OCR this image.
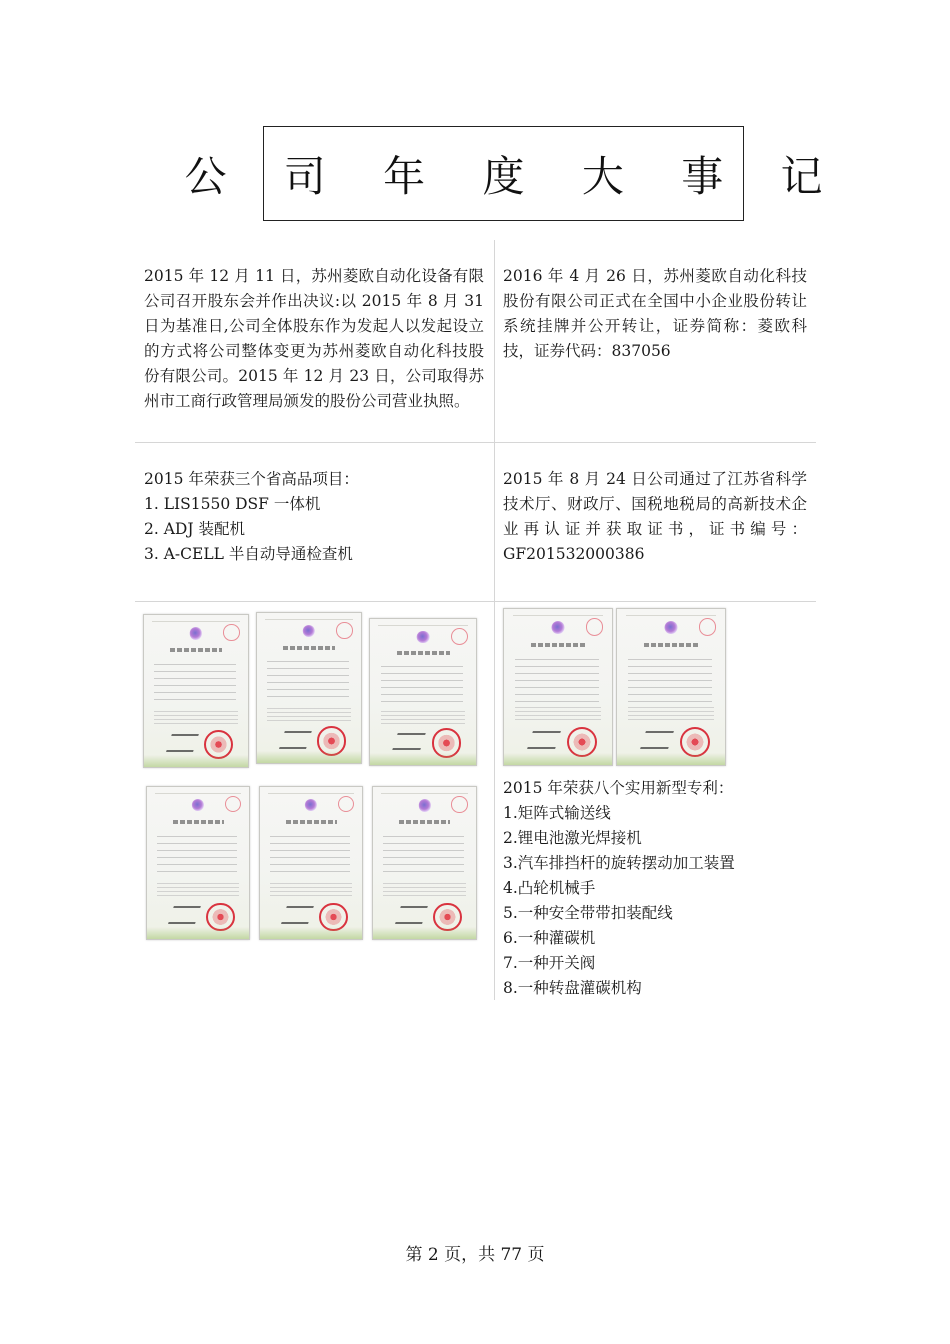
公 司 年 度 大 事 记

2015 年 12 月 11 日，苏州菱欧自动化设备有限公司召开股东会并作出决议:以 2015 年 8 月 31 日为基准日,公司全体股东作为发起人以发起设立的方式将公司整体变更为苏州菱欧自动化科技股份有限公司。2015 年 12 月 23 日，公司取得苏州市工商行政管理局颁发的股份公司营业执照。

2016 年 4 月 26 日，苏州菱欧自动化科技股份有限公司正式在全国中小企业股份转让系统挂牌并公开转让，证券简称：菱欧科技，证券代码：837056

2015 年荣获三个省高品项目：

1. LIS1550 DSF 一体机

2. ADJ 装配机

3. A-CELL 半自动导通检查机

2015 年 8 月 24 日公司通过了江苏省科学技术厅、财政厅、国税地税局的高新技术企业再认证并获取证书，证书编号：GF201532000386

2015 年荣获八个实用新型专利：

1.矩阵式输送线

2.锂电池激光焊接机

3.汽车排挡杆的旋转摆动加工装置

4.凸轮机械手

5.一种安全带带扣装配线

6.一种灌碳机

7.一种开关阀

8.一种转盘灌碳机构

第 2 页，共 77 页
